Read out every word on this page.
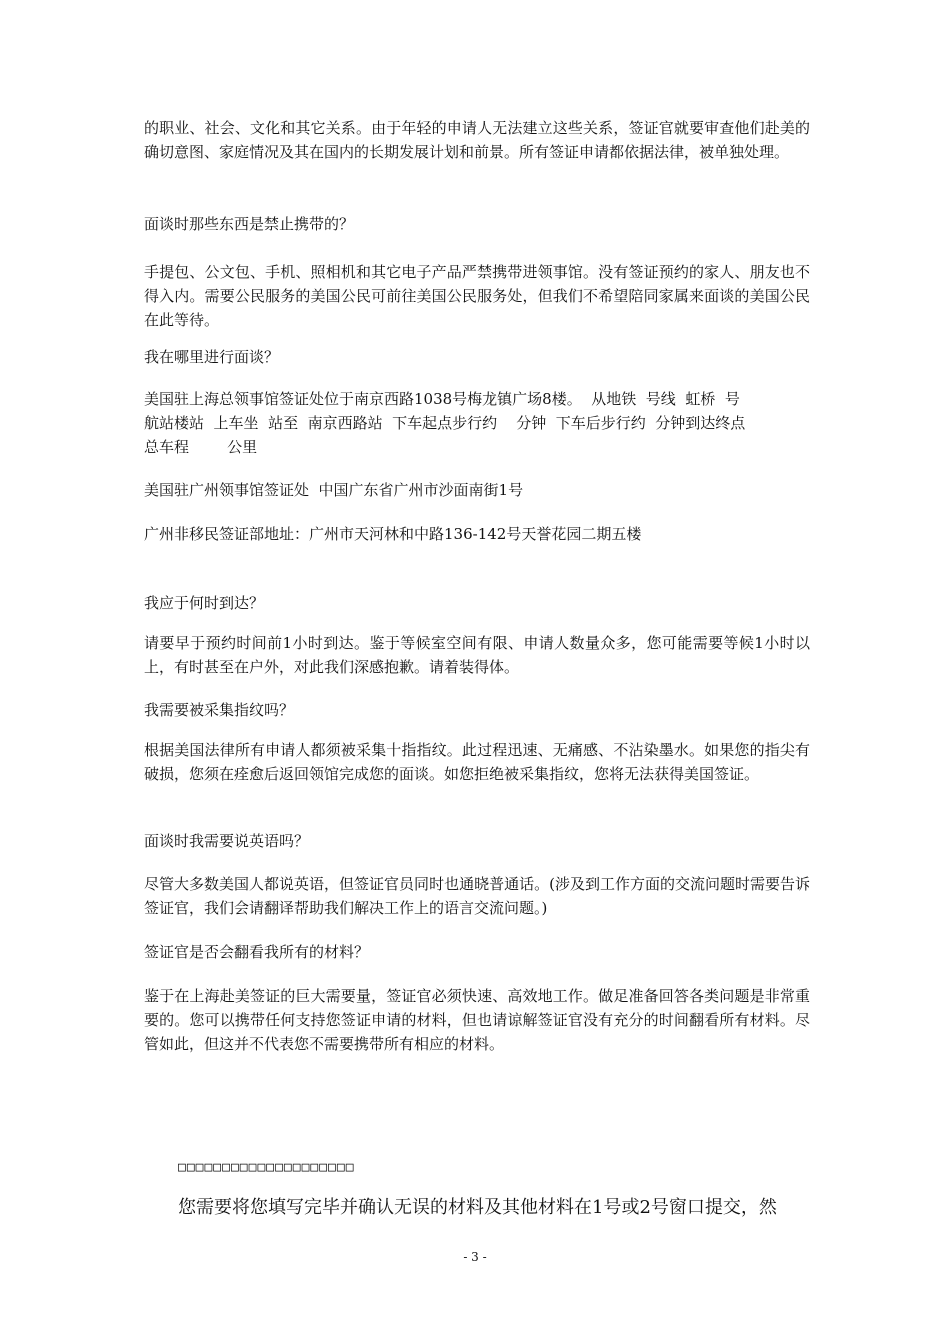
的职业、社会、文化和其它关系。由于年轻的申请人无法建立这些关系，签证官就要审查他们赴美的确切意图、家庭情况及其在国内的长期发展计划和前景。所有签证申请都依据法律，被单独处理。

面谈时那些东西是禁止携带的？

手提包、公文包、手机、照相机和其它电子产品严禁携带进领事馆。没有签证预约的家人、朋友也不得入内。需要公民服务的美国公民可前往美国公民服务处，但我们不希望陪同家属来面谈的美国公民在此等待。

我在哪里进行面谈？

美国驻上海总领事馆签证处位于南京西路1038号梅龙镇广场8楼。  从地铁  号线  虹桥  号

航站楼站  上车坐  站至  南京西路站  下车起点步行约    分钟  下车后步行约  分钟到达终点

总车程        公里

美国驻广州领事馆签证处  中国广东省广州市沙面南街1号

广州非移民签证部地址：广州市天河林和中路136-142号天誉花园二期五楼

我应于何时到达？

请要早于预约时间前1小时到达。鉴于等候室空间有限、申请人数量众多，您可能需要等候1小时以上，有时甚至在户外，对此我们深感抱歉。请着装得体。

我需要被采集指纹吗？

根据美国法律所有申请人都须被采集十指指纹。此过程迅速、无痛感、不沾染墨水。如果您的指尖有破损，您须在痊愈后返回领馆完成您的面谈。如您拒绝被采集指纹，您将无法获得美国签证。

面谈时我需要说英语吗？

尽管大多数美国人都说英语，但签证官员同时也通晓普通话。(涉及到工作方面的交流问题时需要告诉签证官，我们会请翻译帮助我们解决工作上的语言交流问题。)

签证官是否会翻看我所有的材料？

鉴于在上海赴美签证的巨大需要量，签证官必须快速、高效地工作。做足准备回答各类问题是非常重要的。您可以携带任何支持您签证申请的材料，但也请谅解签证官没有充分的时间翻看所有材料。尽管如此，但这并不代表您不需要携带所有相应的材料。

□□□□□□□□□□□□□□□□□□□□

您需要将您填写完毕并确认无误的材料及其他材料在1号或2号窗口提交，然

- 3 -
